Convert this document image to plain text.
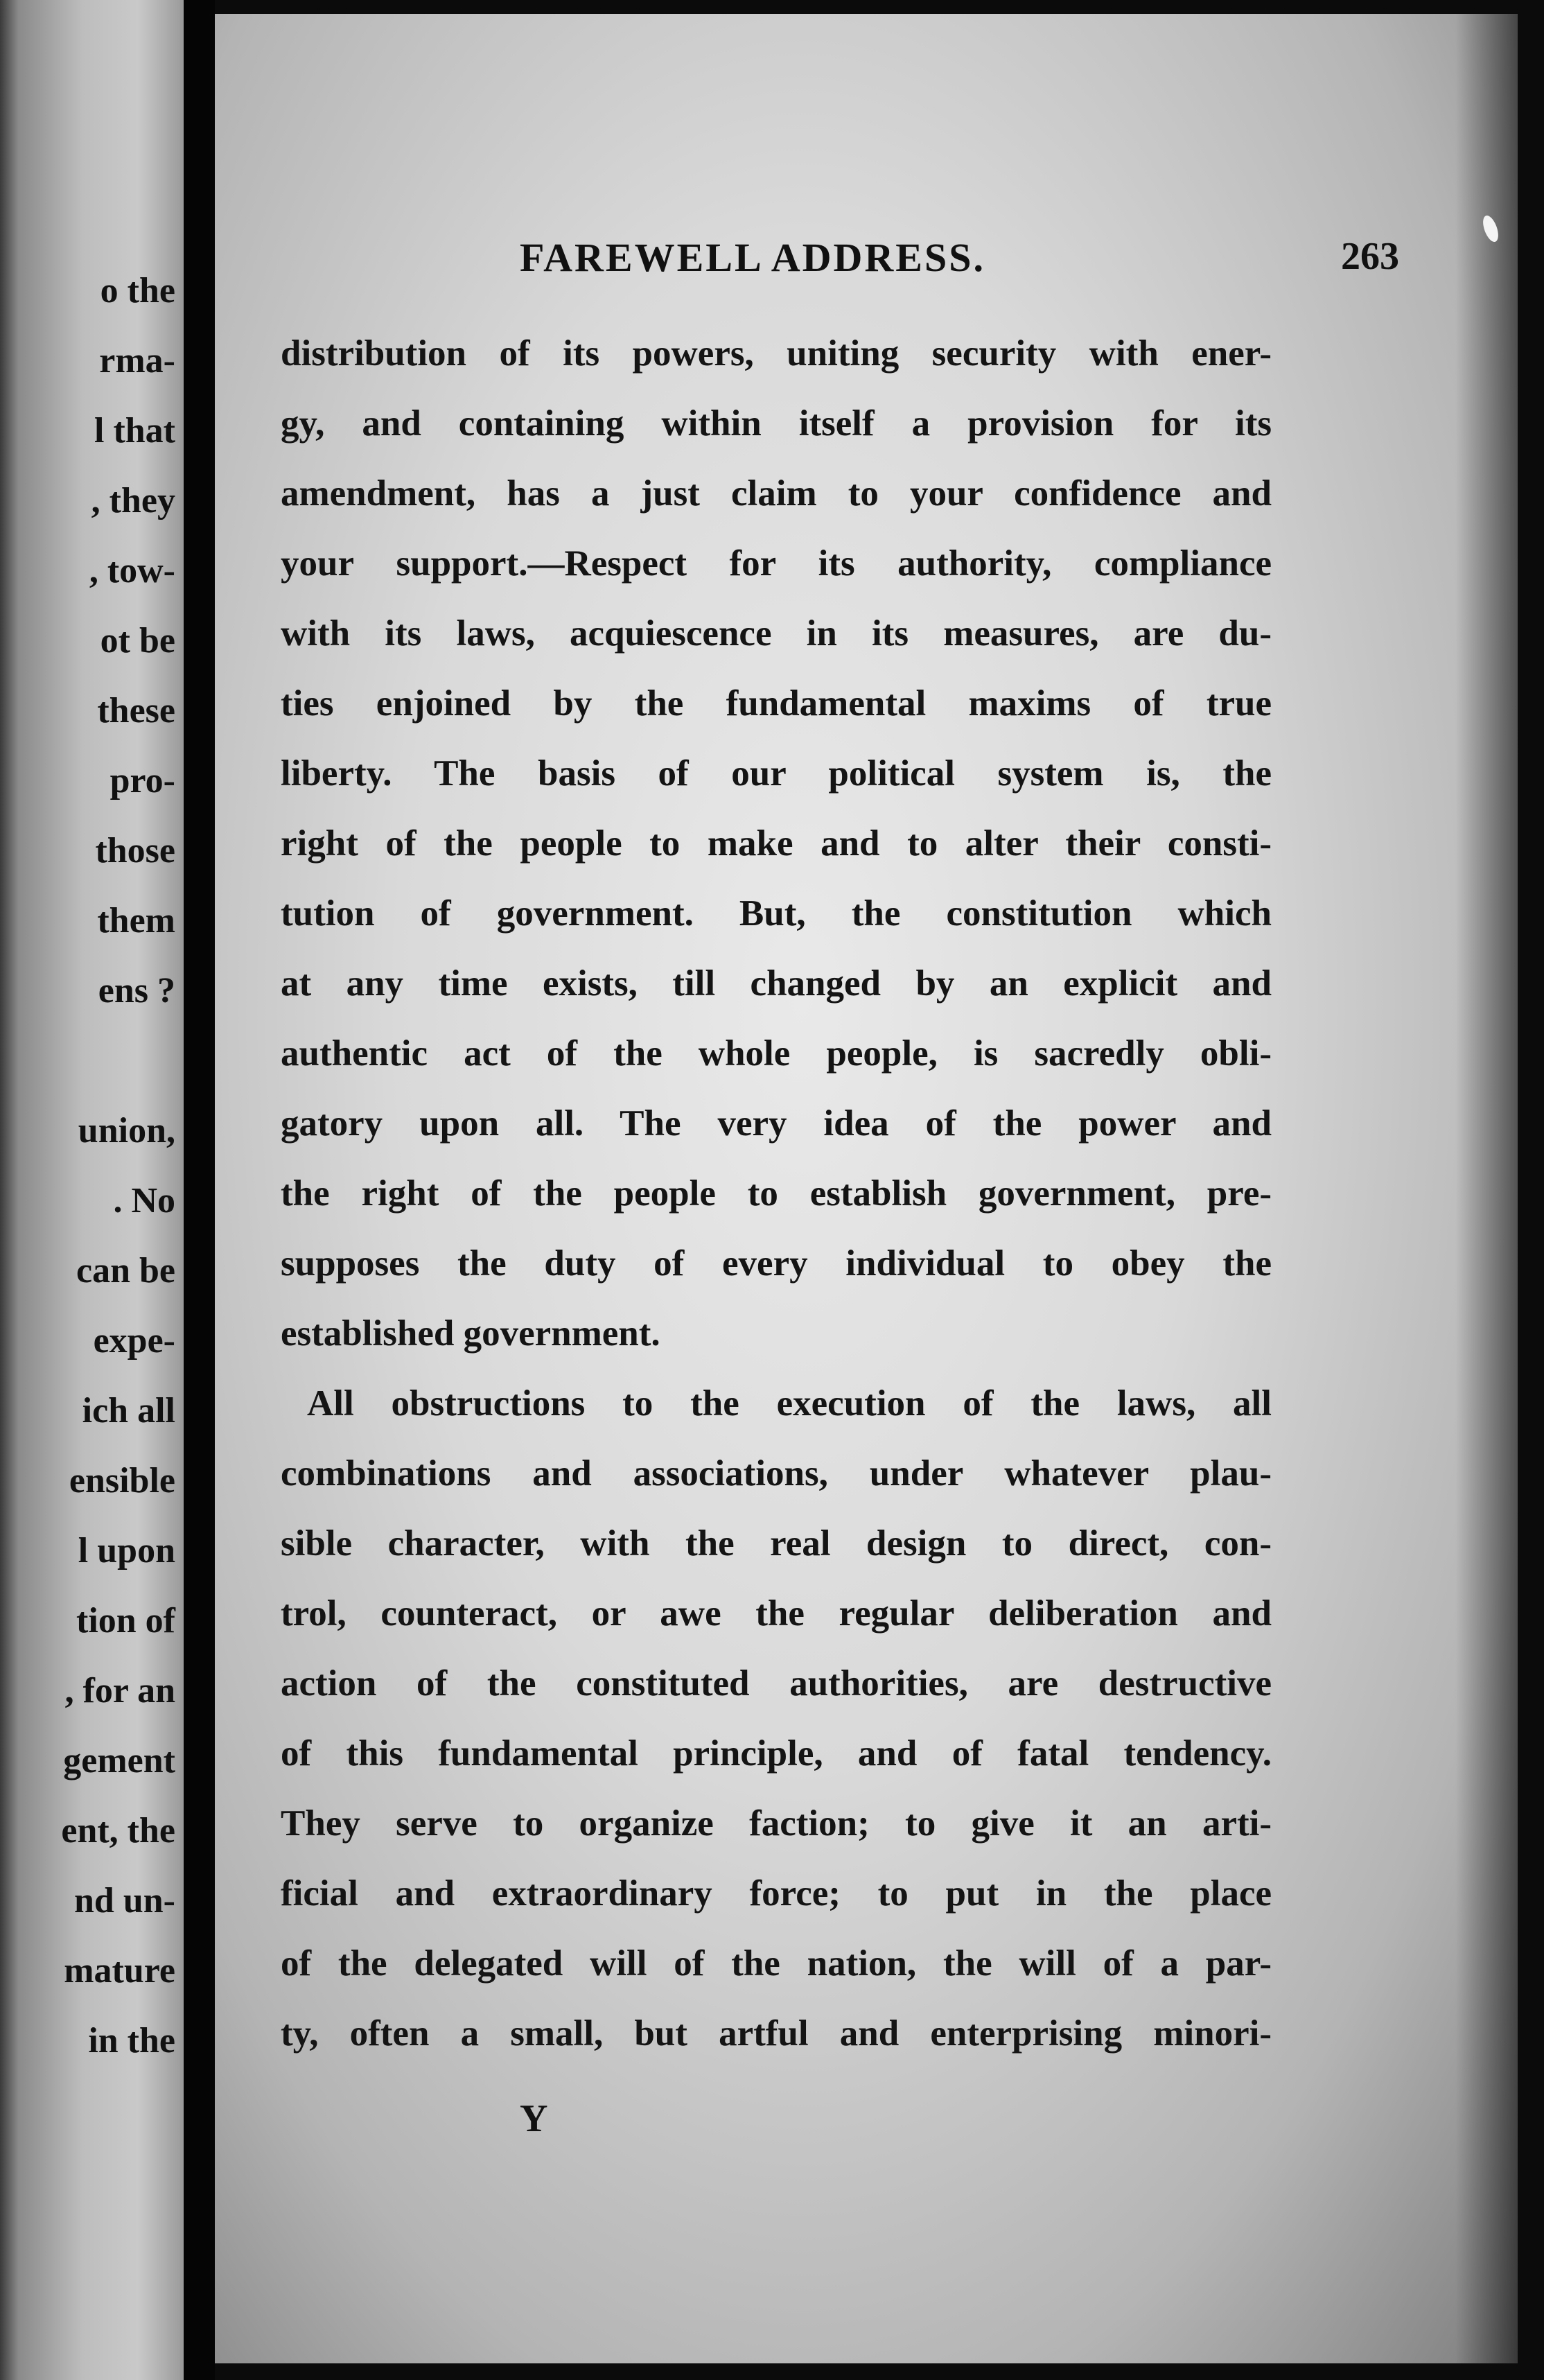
o the
rma-
l that
, they
, tow-
ot be
these
pro-
those
them
ens ?
union,
. No
can be
expe-
ich all
ensible
l upon
tion of
, for an
gement
ent, the
nd un-
mature
in the
FAREWELL ADDRESS.	263
distribution of its powers, uniting security with ener-
gy, and containing within itself a provision for its
amendment, has a just claim to your confidence and
your support.—Respect for its authority, compliance
with its laws, acquiescence in its measures, are du-
ties enjoined by the fundamental maxims of true
liberty. The basis of our political system is, the
right of the people to make and to alter their consti-
tution of government. But, the constitution which
at any time exists, till changed by an explicit and
authentic act of the whole people, is sacredly obli-
gatory upon all. The very idea of the power and
the right of the people to establish government, pre-
supposes the duty of every individual to obey the
established government.
All obstructions to the execution of the laws, all
combinations and associations, under whatever plau-
sible character, with the real design to direct, con-
trol, counteract, or awe the regular deliberation and
action of the constituted authorities, are destructive
of this fundamental principle, and of fatal tendency.
They serve to organize faction; to give it an arti-
ficial and extraordinary force; to put in the place
of the delegated will of the nation, the will of a par-
ty, often a small, but artful and enterprising minori-
Y
